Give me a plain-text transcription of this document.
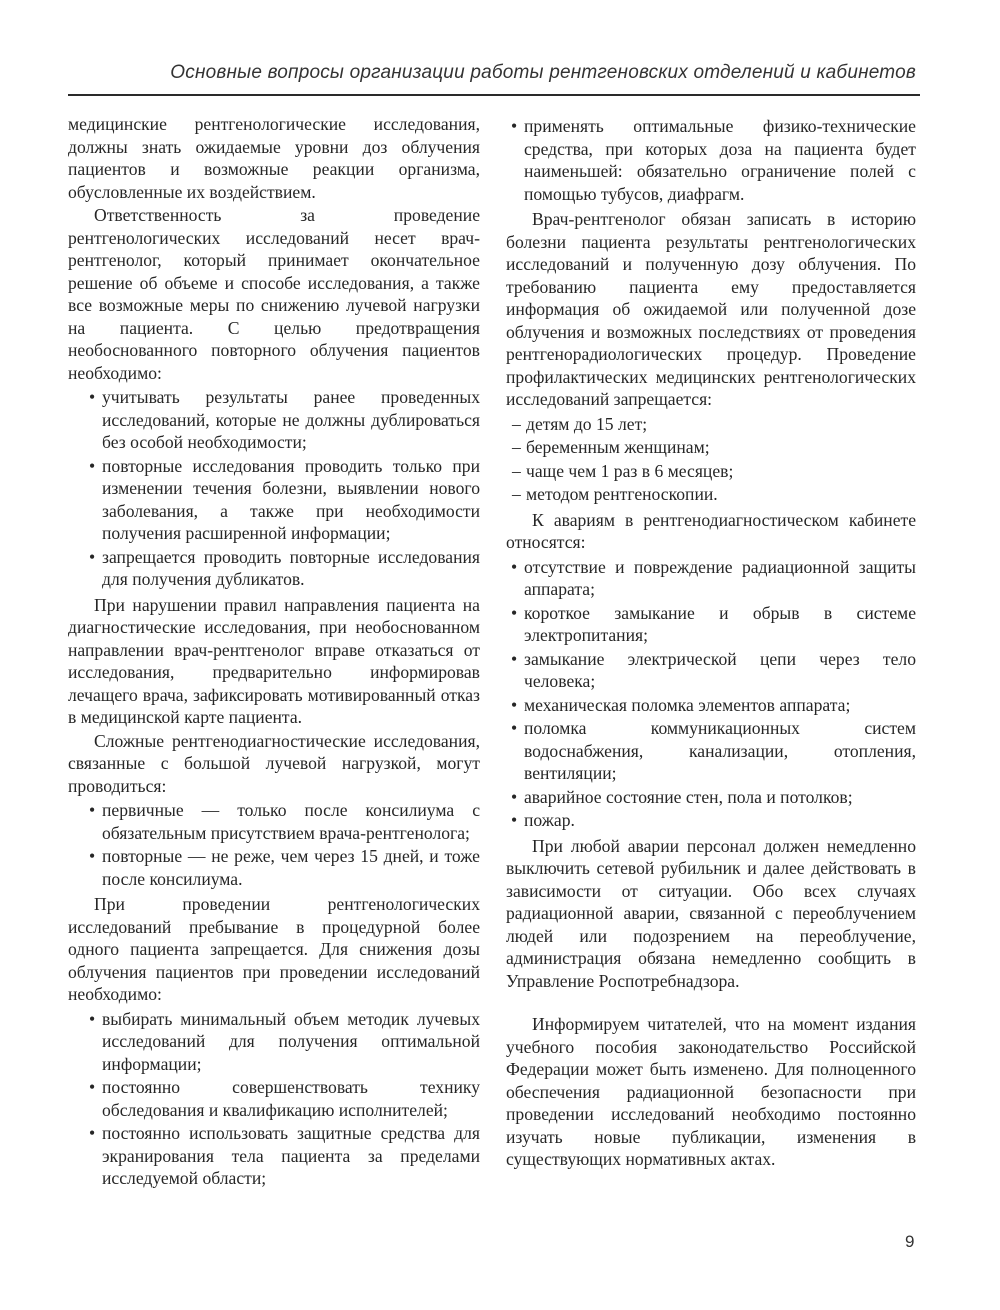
Основные вопросы организации работы рентгеновских отделений и кабинетов

медицинские рентгенологические исследования, должны знать ожидаемые уровни доз облучения пациентов и возможные реакции организма, обусловленные их воздействием.

Ответственность за проведение рентгенологических исследований несет врач-рентгенолог, который принимает окончательное решение об объеме и способе исследования, а также все возможные меры по снижению лучевой нагрузки на пациента. С целью предотвращения необоснованного повторного облучения пациентов необходимо:

• учитывать результаты ранее проведенных исследований, которые не должны дублироваться без особой необходимости;
• повторные исследования проводить только при изменении течения болезни, выявлении нового заболевания, а также при необходимости получения расширенной информации;
• запрещается проводить повторные исследования для получения дубликатов.

При нарушении правил направления пациента на диагностические исследования, при необоснованном направлении врач-рентгенолог вправе отказаться от исследования, предварительно информировав лечащего врача, зафиксировать мотивированный отказ в медицинской карте пациента.

Сложные рентгенодиагностические исследования, связанные с большой лучевой нагрузкой, могут проводиться:

• первичные — только после консилиума с обязательным присутствием врача-рентгенолога;
• повторные — не реже, чем через 15 дней, и тоже после консилиума.

При проведении рентгенологических исследований пребывание в процедурной более одного пациента запрещается. Для снижения дозы облучения пациентов при проведении исследований необходимо:

• выбирать минимальный объем методик лучевых исследований для получения оптимальной информации;
• постоянно совершенствовать технику обследования и квалификацию исполнителей;
• постоянно использовать защитные средства для экранирования тела пациента за пределами исследуемой области;
• применять оптимальные физико-технические средства, при которых доза на пациента будет наименьшей: обязательно ограничение полей с помощью тубусов, диафрагм.

Врач-рентгенолог обязан записать в историю болезни пациента результаты рентгенологических исследований и полученную дозу облучения. По требованию пациента ему предоставляется информация об ожидаемой или полученной дозе облучения и возможных последствиях от проведения рентгенорадиологических процедур. Проведение профилактических медицинских рентгенологических исследований запрещается:

– детям до 15 лет;
– беременным женщинам;
– чаще чем 1 раз в 6 месяцев;
– методом рентгеноскопии.

К авариям в рентгенодиагностическом кабинете относятся:

• отсутствие и повреждение радиационной защиты аппарата;
• короткое замыкание и обрыв в системе электропитания;
• замыкание электрической цепи через тело человека;
• механическая поломка элементов аппарата;
• поломка коммуникационных систем водоснабжения, канализации, отопления, вентиляции;
• аварийное состояние стен, пола и потолков;
• пожар.

При любой аварии персонал должен немедленно выключить сетевой рубильник и далее действовать в зависимости от ситуации. Обо всех случаях радиационной аварии, связанной с переоблучением людей или подозрением на переоблучение, администрация обязана немедленно сообщить в Управление Роспотребнадзора.

Информируем читателей, что на момент издания учебного пособия законодательство Российской Федерации может быть изменено. Для полноценного обеспечения радиационной безопасности при проведении исследований необходимо постоянно изучать новые публикации, изменения в существующих нормативных актах.

9
